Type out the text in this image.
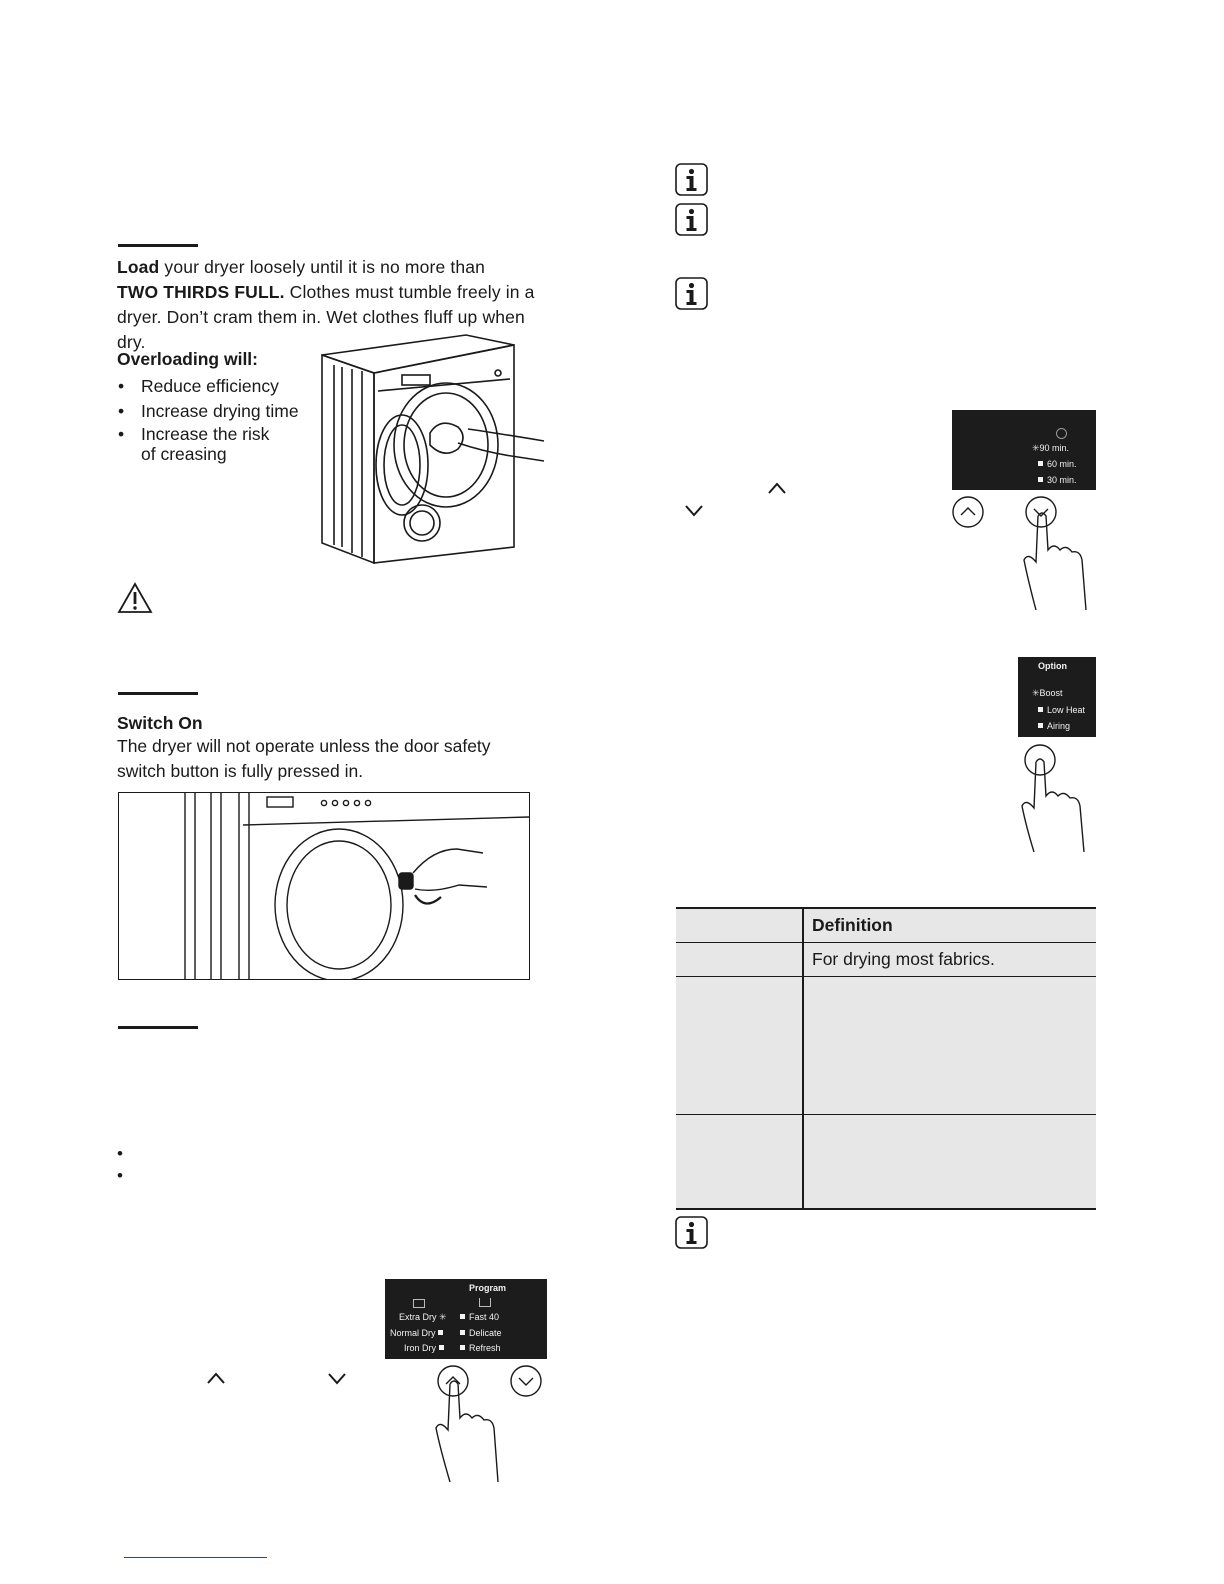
Load your dryer loosely until it is no more than
TWO THIRDS FULL. Clothes must tumble freely in a
dryer. Don’t cram them in. Wet clothes fluff up when dry.
Overloading will:
• Reduce efficiency
• Increase drying time
• Increase the risk
of creasing
Switch On
The dryer will not operate unless the door safety
switch button is fully pressed in.
•
•
Program
Extra Dry ✳
Normal Dry
Iron Dry
Fast 40
Delicate
Refresh
✳90 min.
60 min.
30 min.
Option
✳Boost
Low Heat
Airing
	Definition
	For drying most fabrics.
